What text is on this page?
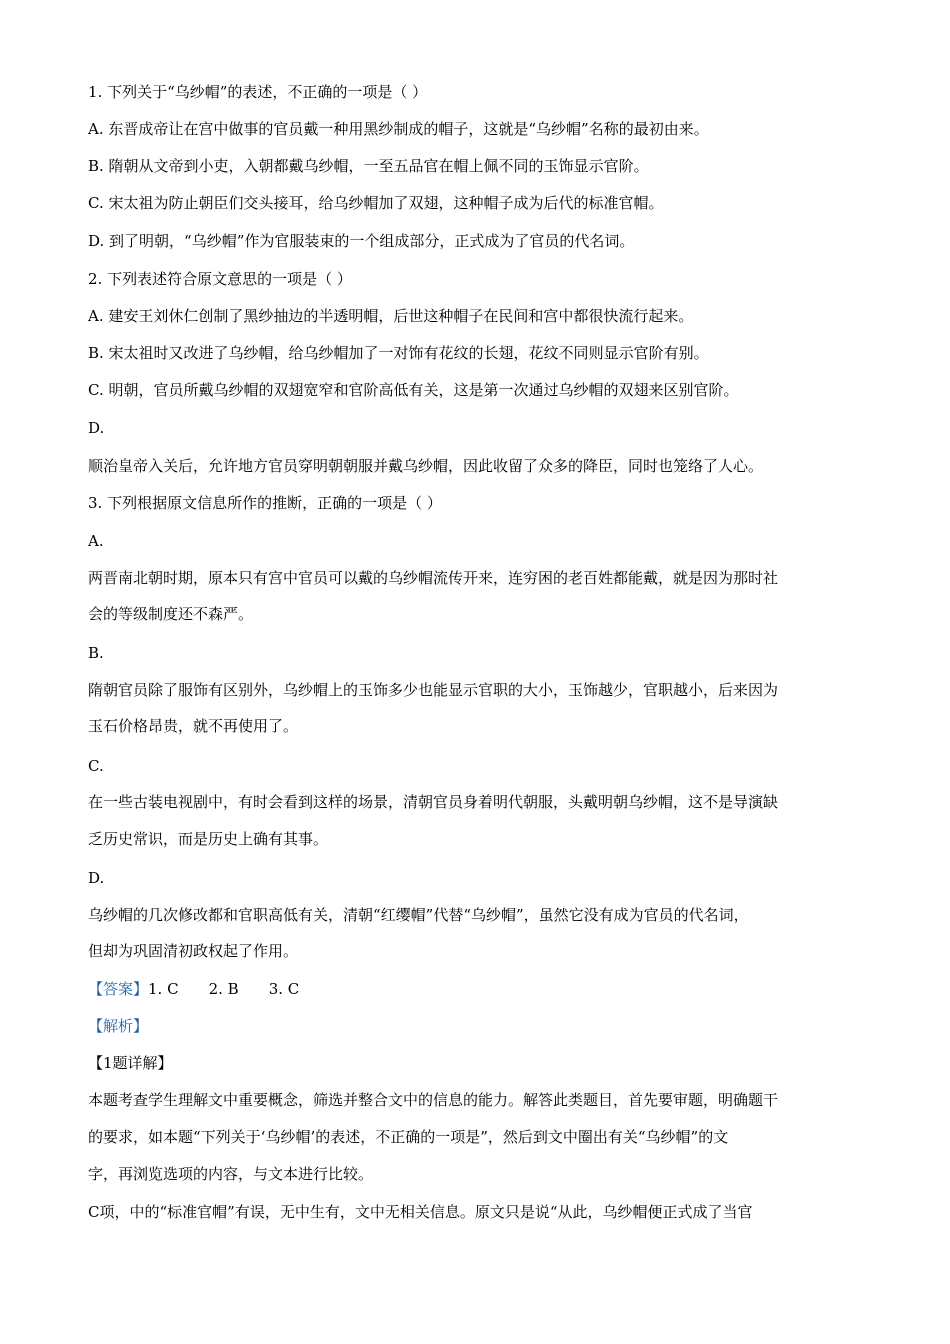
1. 下列关于“乌纱帽”的表述，不正确的一项是（ ）
A. 东晋成帝让在宫中做事的官员戴一种用黑纱制成的帽子，这就是“乌纱帽”名称的最初由来。
B. 隋朝从文帝到小吏，入朝都戴乌纱帽，一至五品官在帽上佩不同的玉饰显示官阶。
C. 宋太祖为防止朝臣们交头接耳，给乌纱帽加了双翅，这种帽子成为后代的标准官帽。
D. 到了明朝，“乌纱帽”作为官服装束的一个组成部分，正式成为了官员的代名词。
2. 下列表述符合原文意思的一项是（ ）
A. 建安王刘休仁创制了黑纱抽边的半透明帽，后世这种帽子在民间和宫中都很快流行起来。
B. 宋太祖时又改进了乌纱帽，给乌纱帽加了一对饰有花纹的长翅，花纹不同则显示官阶有别。
C. 明朝，官员所戴乌纱帽的双翅宽窄和官阶高低有关，这是第一次通过乌纱帽的双翅来区别官阶。
D.
顺治皇帝入关后，允许地方官员穿明朝朝服并戴乌纱帽，因此收留了众多的降臣，同时也笼络了人心。
3. 下列根据原文信息所作的推断，正确的一项是（ ）
A.
两晋南北朝时期，原本只有宫中官员可以戴的乌纱帽流传开来，连穷困的老百姓都能戴，就是因为那时社
会的等级制度还不森严。
B.
隋朝官员除了服饰有区别外，乌纱帽上的玉饰多少也能显示官职的大小，玉饰越少，官职越小，后来因为
玉石价格昂贵，就不再使用了。
C.
在一些古装电视剧中，有时会看到这样的场景，清朝官员身着明代朝服，头戴明朝乌纱帽，这不是导演缺
乏历史常识，而是历史上确有其事。
D.
乌纱帽的几次修改都和官职高低有关，清朝“红缨帽”代替“乌纱帽”，虽然它没有成为官员的代名词，
但却为巩固清初政权起了作用。
【答案】1. C 2. B 3. C
【解析】
【1题详解】
本题考查学生理解文中重要概念，筛选并整合文中的信息的能力。解答此类题目，首先要审题，明确题干
的要求，如本题“下列关于‘乌纱帽’的表述，不正确的一项是”，然后到文中圈出有关“乌纱帽”的文
字，再浏览选项的内容，与文本进行比较。
C项，中的“标准官帽”有误，无中生有，文中无相关信息。原文只是说“从此，乌纱帽便正式成了当官
